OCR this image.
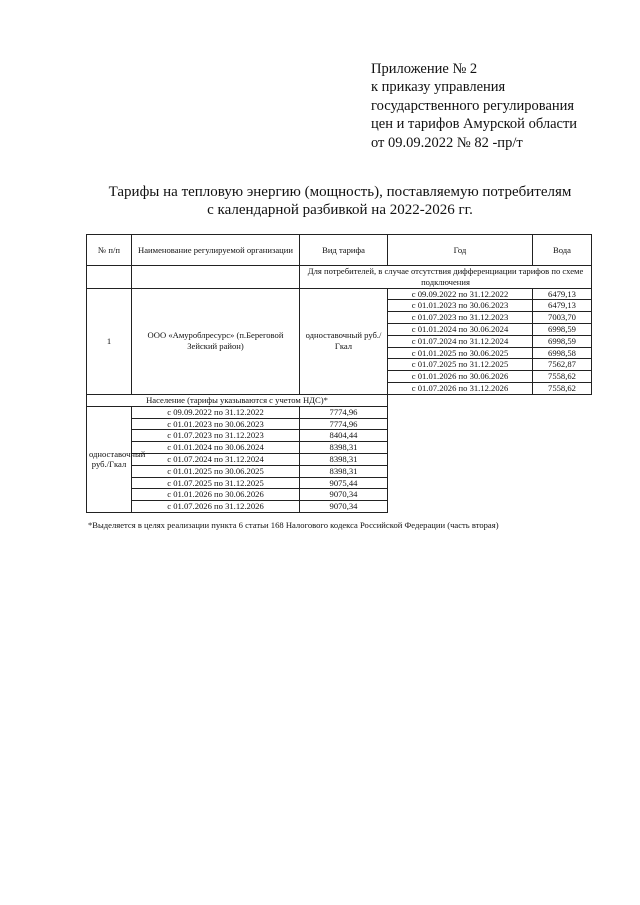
Приложение № 2
к приказу управления
государственного регулирования
цен и тарифов Амурской области
от 09.09.2022 № 82 -пр/т
Тарифы на тепловую энергию (мощность), поставляемую потребителям
с календарной разбивкой на 2022-2026 гг.
№ п/п	Наименование регулируемой организации	Вид тарифа	Год	Вода
		Для потребителей, в случае отсутствия дифференциации тарифов по схеме подключения		
1	ООО «Амуроблресурс» (п.Береговой Зейский район)	одноставочный руб./Гкал	с 09.09.2022 по 31.12.2022	6479,13
			с 01.01.2023 по 30.06.2023	6479,13
			с 01.07.2023 по 31.12.2023	7003,70
			с 01.01.2024 по 30.06.2024	6998,59
			с 01.07.2024 по 31.12.2024	6998,59
			с 01.01.2025 по 30.06.2025	6998,58
			с 01.07.2025 по 31.12.2025	7562,87
			с 01.01.2026 по 30.06.2026	7558,62
			с 01.07.2026 по 31.12.2026	7558,62
Население (тарифы указываются с учетом НДС)*				
одноставочный руб./Гкал	с 09.09.2022 по 31.12.2022	7774,96		
	с 01.01.2023 по 30.06.2023	7774,96		
	с 01.07.2023 по 31.12.2023	8404,44		
	с 01.01.2024 по 30.06.2024	8398,31		
	с 01.07.2024 по 31.12.2024	8398,31		
	с 01.01.2025 по 30.06.2025	8398,31		
	с 01.07.2025 по 31.12.2025	9075,44		
	с 01.01.2026 по 30.06.2026	9070,34		
	с 01.07.2026 по 31.12.2026	9070,34		
*Выделяется в целях реализации пункта 6 статьи 168 Налогового кодекса Российской Федерации (часть вторая)
